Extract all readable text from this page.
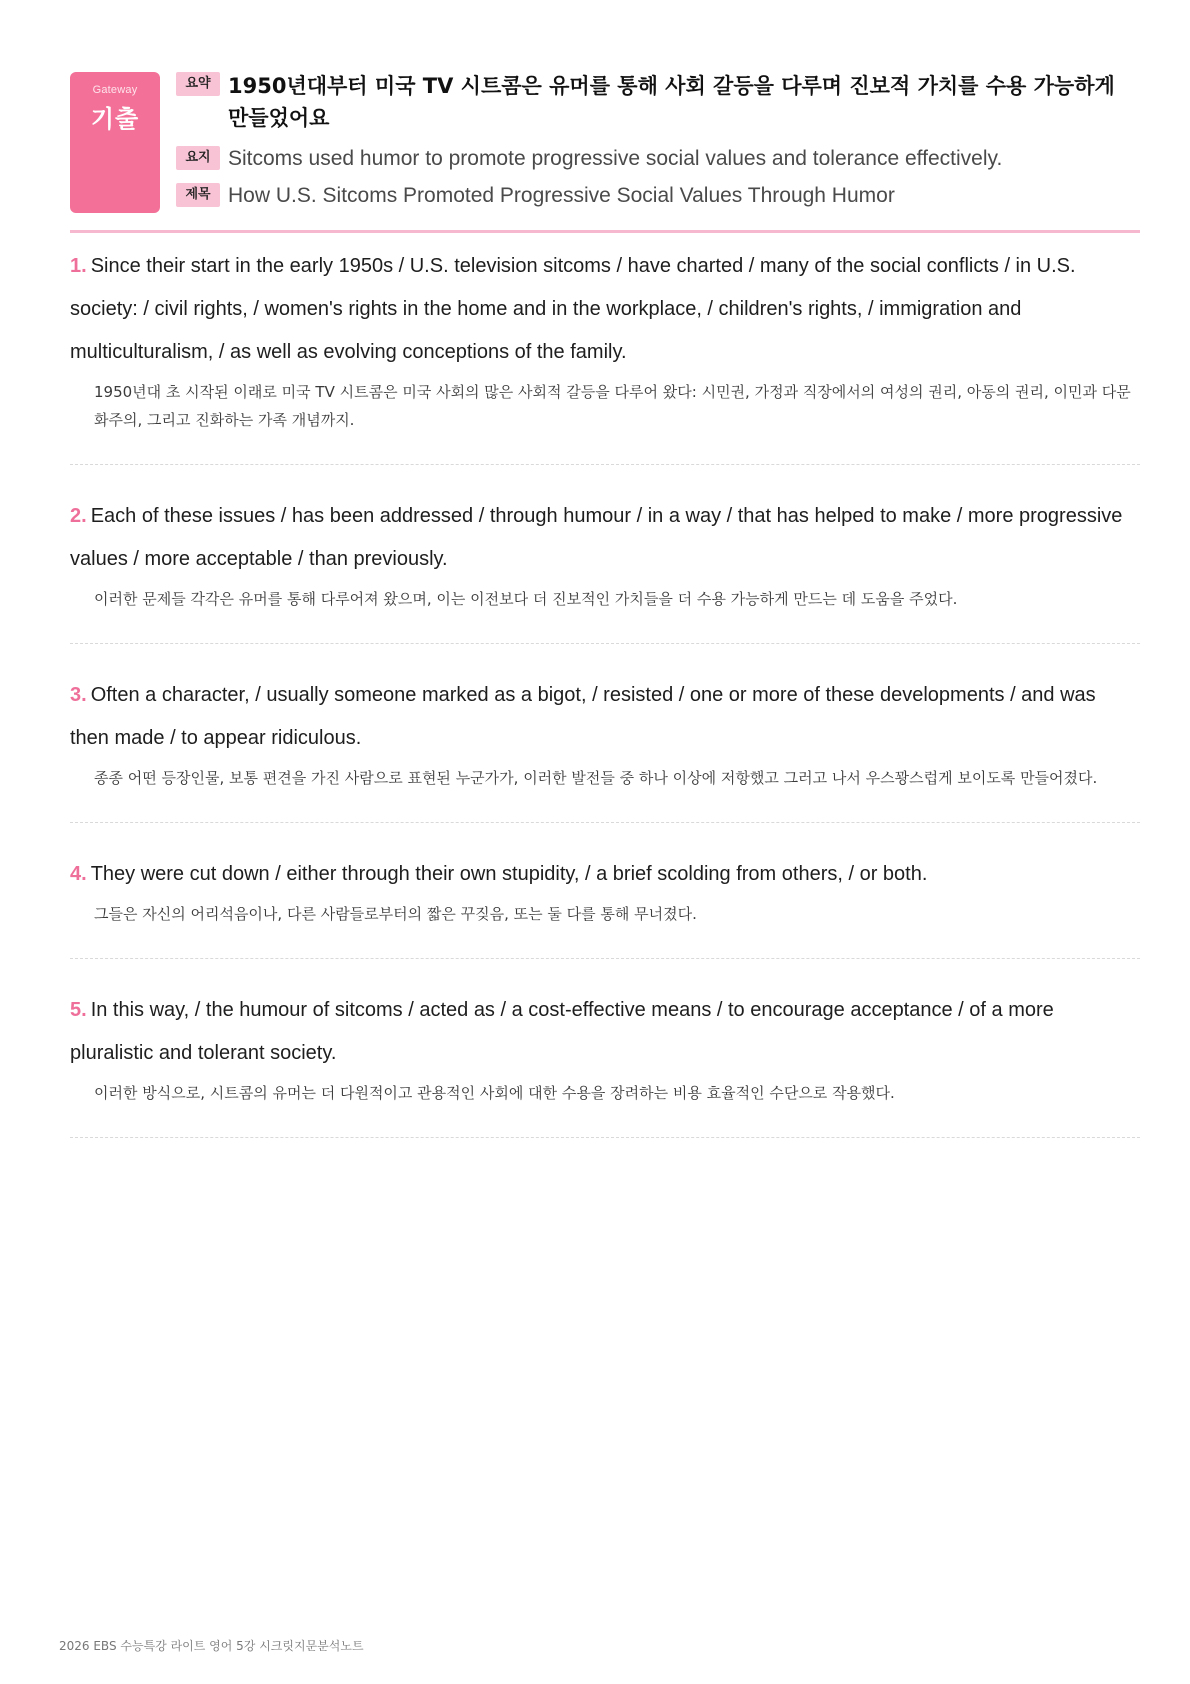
Gateway
기출
요약 1950년대부터 미국 TV 시트콤은 유머를 통해 사회 갈등을 다루며 진보적 가치를 수용 가능하게 만들었어요
요지 Sitcoms used humor to promote progressive social values and tolerance effectively.
제목 How U.S. Sitcoms Promoted Progressive Social Values Through Humor
1. Since their start in the early 1950s / U.S. television sitcoms / have charted / many of the social conflicts / in U.S. society: / civil rights, / women's rights in the home and in the workplace, / children's rights, / immigration and multiculturalism, / as well as evolving conceptions of the family.
1950년대 초 시작된 이래로 미국 TV 시트콤은 미국 사회의 많은 사회적 갈등을 다루어 왔다: 시민권, 가정과 직장에서의 여성의 권리, 아동의 권리, 이민과 다문화주의, 그리고 진화하는 가족 개념까지.
2. Each of these issues / has been addressed / through humour / in a way / that has helped to make / more progressive values / more acceptable / than previously.
이러한 문제들 각각은 유머를 통해 다루어져 왔으며, 이는 이전보다 더 진보적인 가치들을 더 수용 가능하게 만드는 데 도움을 주었다.
3. Often a character, / usually someone marked as a bigot, / resisted / one or more of these developments / and was then made / to appear ridiculous.
종종 어떤 등장인물, 보통 편견을 가진 사람으로 표현된 누군가가, 이러한 발전들 중 하나 이상에 저항했고 그러고 나서 우스꽝스럽게 보이도록 만들어졌다.
4. They were cut down / either through their own stupidity, / a brief scolding from others, / or both.
그들은 자신의 어리석음이나, 다른 사람들로부터의 짧은 꾸짖음, 또는 둘 다를 통해 무너졌다.
5. In this way, / the humour of sitcoms / acted as / a cost-effective means / to encourage acceptance / of a more pluralistic and tolerant society.
이러한 방식으로, 시트콤의 유머는 더 다원적이고 관용적인 사회에 대한 수용을 장려하는 비용 효율적인 수단으로 작용했다.
2026 EBS 수능특강 라이트 영어 5강 시크릿지문분석노트
